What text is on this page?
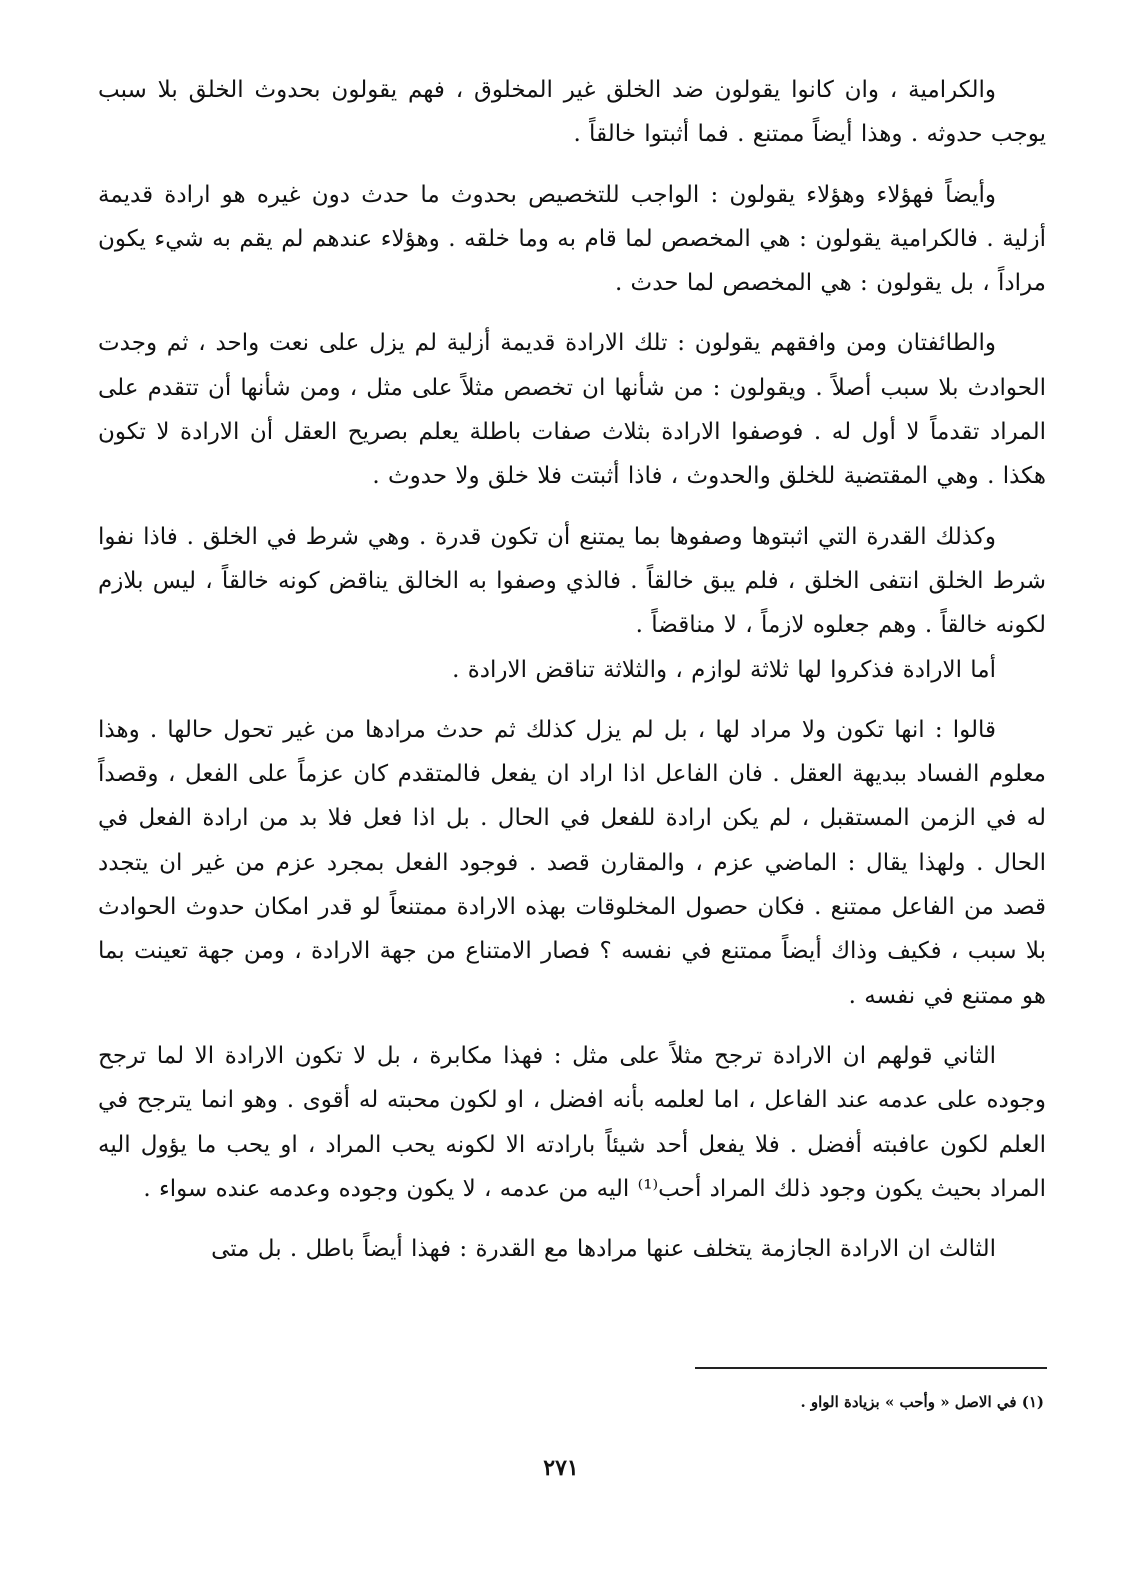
والكرامية ، وان كانوا يقولون ضد الخلق غير المخلوق ، فهم يقولون بحدوث الخلق بلا سبب يوجب حدوثه . وهذا أيضاً ممتنع . فما أثبتوا خالقاً .

وأيضاً فهؤلاء وهؤلاء يقولون : الواجب للتخصيص بحدوث ما حدث دون غيره هو ارادة قديمة أزلية . فالكرامية يقولون : هي المخصص لما قام به وما خلقه . وهؤلاء عندهم لم يقم به شيء يكون مراداً ، بل يقولون : هي المخصص لما حدث .

والطائفتان ومن وافقهم يقولون : تلك الارادة قديمة أزلية لم يزل على نعت واحد ، ثم وجدت الحوادث بلا سبب أصلاً . ويقولون : من شأنها ان تخصص مثلاً على مثل ، ومن شأنها أن تتقدم على المراد تقدماً لا أول له . فوصفوا الارادة بثلاث صفات باطلة يعلم بصريح العقل أن الارادة لا تكون هكذا . وهي المقتضية للخلق والحدوث ، فاذا أثبتت فلا خلق ولا حدوث .

وكذلك القدرة التي اثبتوها وصفوها بما يمتنع أن تكون قدرة . وهي شرط في الخلق . فاذا نفوا شرط الخلق انتفى الخلق ، فلم يبق خالقاً . فالذي وصفوا به الخالق يناقض كونه خالقاً ، ليس بلازم لكونه خالقاً . وهم جعلوه لازماً ، لا مناقضاً .

أما الارادة فذكروا لها ثلاثة لوازم ، والثلاثة تناقض الارادة .

قالوا : انها تكون ولا مراد لها ، بل لم يزل كذلك ثم حدث مرادها من غير تحول حالها . وهذا معلوم الفساد ببديهة العقل . فان الفاعل اذا اراد ان يفعل فالمتقدم كان عزماً على الفعل ، وقصداً له في الزمن المستقبل ، لم يكن ارادة للفعل في الحال . بل اذا فعل فلا بد من ارادة الفعل في الحال . ولهذا يقال : الماضي عزم ، والمقارن قصد . فوجود الفعل بمجرد عزم من غير ان يتجدد قصد من الفاعل ممتنع . فكان حصول المخلوقات بهذه الارادة ممتنعاً لو قدر امكان حدوث الحوادث بلا سبب ، فكيف وذاك أيضاً ممتنع في نفسه ؟ فصار الامتناع من جهة الارادة ، ومن جهة تعينت بما هو ممتنع في نفسه .

الثاني قولهم ان الارادة ترجح مثلاً على مثل : فهذا مكابرة ، بل لا تكون الارادة الا لما ترجح وجوده على عدمه عند الفاعل ، اما لعلمه بأنه افضل ، او لكون محبته له أقوى . وهو انما يترجح في العلم لكون عافبته أفضل . فلا يفعل أحد شيئاً بارادته الا لكونه يحب المراد ، او يحب ما يؤول اليه المراد بحيث يكون وجود ذلك المراد أحب⁽¹⁾ اليه من عدمه ، لا يكون وجوده وعدمه عنده سواء .

الثالث ان الارادة الجازمة يتخلف عنها مرادها مع القدرة : فهذا أيضاً باطل . بل متى

(١) في الاصل « وأحب » بزيادة الواو .
٢٧١
